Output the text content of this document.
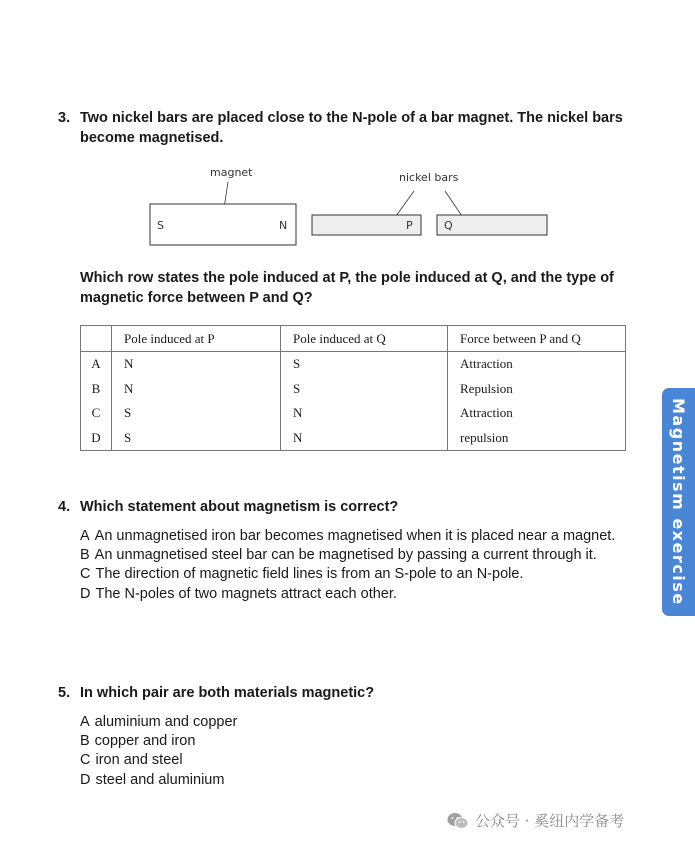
3. Two nickel bars are placed close to the N-pole of a bar magnet. The nickel bars become magnetised.
magnet
S	N
nickel bars
P	Q
Which row states the pole induced at P, the pole induced at Q, and the type of magnetic force between P and Q?
	Pole induced at P	Pole induced at Q	Force between P and Q
A	N	S	Attraction
B	N	S	Repulsion
C	S	N	Attraction
D	S	N	repulsion
4. Which statement about magnetism is correct?

A An unmagnetised iron bar becomes magnetised when it is placed near a magnet.

B An unmagnetised steel bar can be magnetised by passing a current through it.

C The direction of magnetic field lines is from an S-pole to an N-pole.

D The N-poles of two magnets attract each other.

5. In which pair are both materials magnetic?

A aluminium and copper

B copper and iron

C iron and steel

D steel and aluminium

Magnetism exercise
公众号 · 奚纽内学备考
